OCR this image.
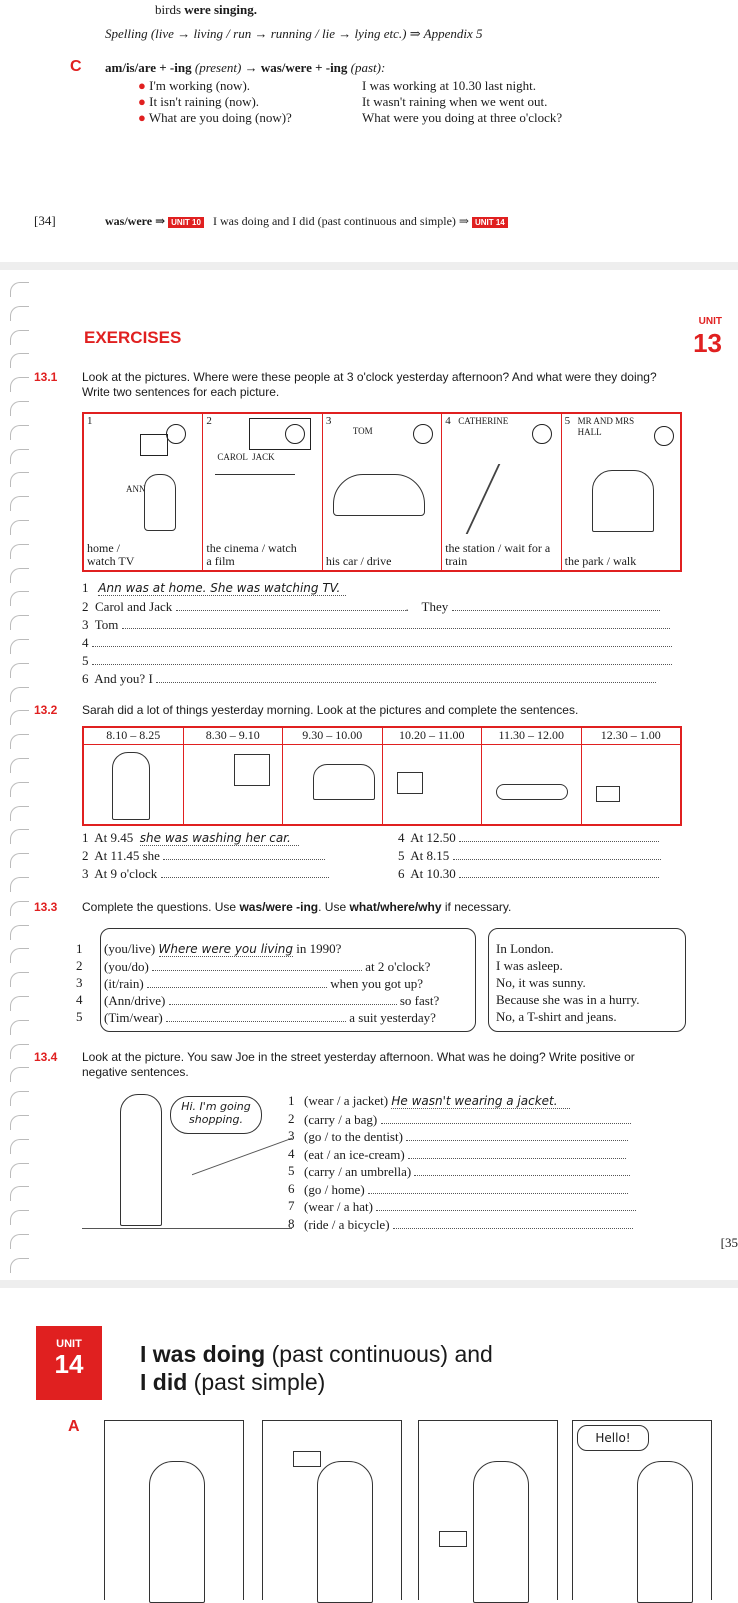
birds were singing.
Spelling (live → living / run → running / lie → lying etc.) ⇒ Appendix 5
C am/is/are + -ing (present) → was/were + -ing (past):
● I'm working (now).
● It isn't raining (now).
● What are you doing (now)?
I was working at 10.30 last night.
It wasn't raining when we went out.
What were you doing at three o'clock?
[34]	was/were ⇒ UNIT 10 I was doing and I did (past continuous and simple) ⇒ UNIT 14
UNIT
13
EXERCISES
13.1 Look at the pictures. Where were these people at 3 o'clock yesterday afternoon? And what were they doing? Write two sentences for each picture.
1
ANN
home / watch TV
2
CAROL  JACK
the cinema / watch a film
3
TOM
his car / drive
4 CATHERINE
the station / wait for a train
5 MR AND MRS HALL
the park / walk
1 Ann was at home. She was watching TV.
2 Carol and Jack	.    They
3 Tom
4
5
6 And you? I
13.2 Sarah did a lot of things yesterday morning. Look at the pictures and complete the sentences.
8.10 – 8.25	8.30 – 9.10	9.30 – 10.00	10.20 – 11.00	11.30 – 12.00	12.30 – 1.00
1 At 9.45 she was washing her car.
2 At 11.45 she
3 At 9 o'clock
4 At 12.50
5 At 8.15
6 At 10.30
13.3 Complete the questions. Use was/were -ing. Use what/where/why if necessary.
1
2
3
4
5
(you/live) Where were you living in 1990?
(you/do)	at 2 o'clock?
(it/rain)	when you got up?
(Ann/drive)	so fast?
(Tim/wear)	a suit yesterday?
In London.
I was asleep.
No, it was sunny.
Because she was in a hurry.
No, a T-shirt and jeans.
13.4 Look at the picture. You saw Joe in the street yesterday afternoon. What was he doing? Write positive or negative sentences.
Hi. I'm going shopping.
1
2
3
4
5
6
7
8
(wear / a jacket) He wasn't wearing a jacket.
(carry / a bag)
(go / to the dentist)
(eat / an ice-cream)
(carry / an umbrella)
(go / home)
(wear / a hat)
(ride / a bicycle)
[35
UNIT
14	I was doing (past continuous) and
I did (past simple)
A
Hello!
